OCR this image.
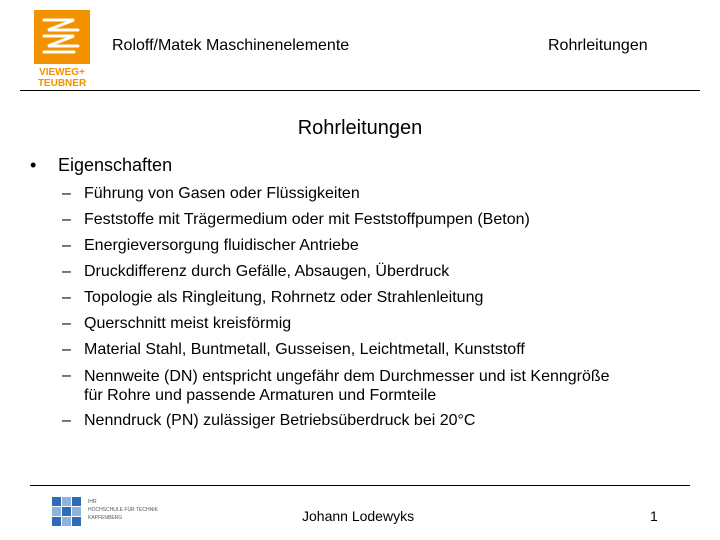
VIEWEG+
TEUBNER
Roloff/Matek Maschinenelemente	Rohrleitungen
Rohrleitungen
• Eigenschaften
– Führung von Gasen oder Flüssigkeiten
– Feststoffe mit Trägermedium oder mit Feststoffpumpen (Beton)
– Energieversorgung fluidischer Antriebe
– Druckdifferenz durch Gefälle, Absaugen, Überdruck
– Topologie als Ringleitung, Rohrnetz oder Strahlenleitung
– Querschnitt meist kreisförmig
– Material Stahl, Buntmetall, Gusseisen, Leichtmetall, Kunststoff
– Nennweite (DN) entspricht ungefähr dem Durchmesser und ist Kenngröße für Rohre und passende Armaturen und Formteile
– Nenndruck (PN) zulässiger Betriebsüberdruck bei 20°C
IHR
HOCHSCHULE FÜR TECHNIK
KAPFENBERG	Johann Lodewyks	1
